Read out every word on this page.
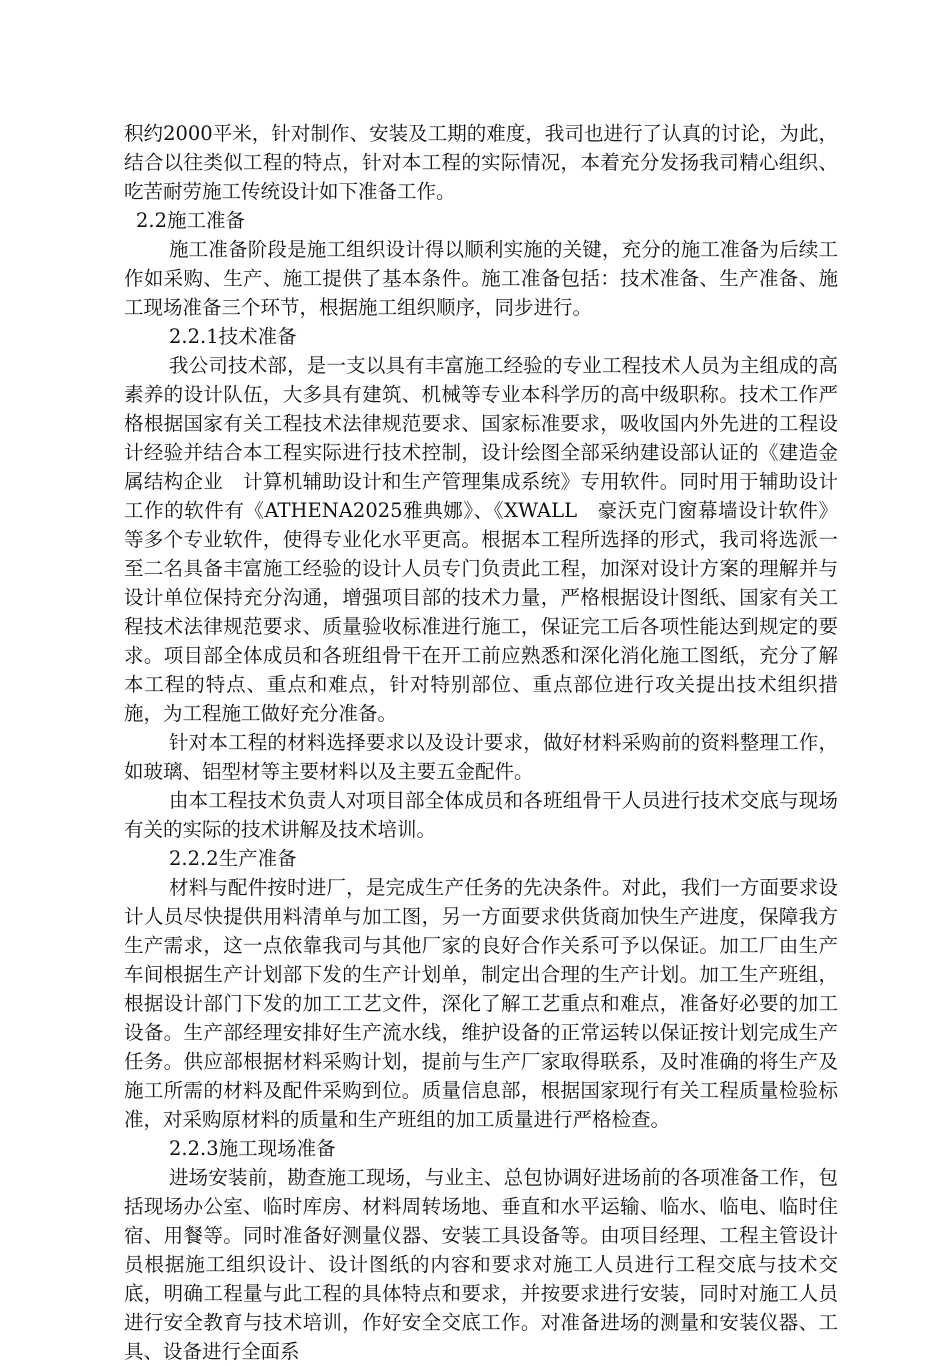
积约2000平米，针对制作、安装及工期的难度，我司也进行了认真的讨论，为此，结合以往类似工程的特点，针对本工程的实际情况，本着充分发扬我司精心组织、吃苦耐劳施工传统设计如下准备工作。

2.2施工准备

施工准备阶段是施工组织设计得以顺利实施的关键，充分的施工准备为后续工作如采购、生产、施工提供了基本条件。施工准备包括：技术准备、生产准备、施工现场准备三个环节，根据施工组织顺序，同步进行。

2.2.1技术准备

我公司技术部，是一支以具有丰富施工经验的专业工程技术人员为主组成的高素养的设计队伍，大多具有建筑、机械等专业本科学历的高中级职称。技术工作严格根据国家有关工程技术法律规范要求、国家标准要求，吸收国内外先进的工程设计经验并结合本工程实际进行技术控制，设计绘图全部采纳建设部认证的《建造金属结构企业　计算机辅助设计和生产管理集成系统》专用软件。同时用于辅助设计工作的软件有《ATHENA2025雅典娜》、《XWALL　豪沃克门窗幕墙设计软件》等多个专业软件，使得专业化水平更高。根据本工程所选择的形式，我司将选派一至二名具备丰富施工经验的设计人员专门负责此工程，加深对设计方案的理解并与设计单位保持充分沟通，增强项目部的技术力量，严格根据设计图纸、国家有关工程技术法律规范要求、质量验收标准进行施工，保证完工后各项性能达到规定的要求。项目部全体成员和各班组骨干在开工前应熟悉和深化消化施工图纸，充分了解本工程的特点、重点和难点，针对特别部位、重点部位进行攻关提出技术组织措施，为工程施工做好充分准备。

针对本工程的材料选择要求以及设计要求，做好材料采购前的资料整理工作，如玻璃、铝型材等主要材料以及主要五金配件。

由本工程技术负责人对项目部全体成员和各班组骨干人员进行技术交底与现场有关的实际的技术讲解及技术培训。

2.2.2生产准备

材料与配件按时进厂，是完成生产任务的先决条件。对此，我们一方面要求设计人员尽快提供用料清单与加工图，另一方面要求供货商加快生产进度，保障我方生产需求，这一点依靠我司与其他厂家的良好合作关系可予以保证。加工厂由生产车间根据生产计划部下发的生产计划单，制定出合理的生产计划。加工生产班组，根据设计部门下发的加工工艺文件，深化了解工艺重点和难点，准备好必要的加工设备。生产部经理安排好生产流水线，维护设备的正常运转以保证按计划完成生产任务。供应部根据材料采购计划，提前与生产厂家取得联系，及时准确的将生产及施工所需的材料及配件采购到位。质量信息部，根据国家现行有关工程质量检验标准，对采购原材料的质量和生产班组的加工质量进行严格检查。

2.2.3施工现场准备

进场安装前，勘查施工现场，与业主、总包协调好进场前的各项准备工作，包括现场办公室、临时库房、材料周转场地、垂直和水平运输、临水、临电、临时住宿、用餐等。同时准备好测量仪器、安装工具设备等。由项目经理、工程主管设计员根据施工组织设计、设计图纸的内容和要求对施工人员进行工程交底与技术交底，明确工程量与此工程的具体特点和要求，并按要求进行安装，同时对施工人员进行安全教育与技术培训，作好安全交底工作。对准备进场的测量和安装仪器、工具、设备进行全面系
